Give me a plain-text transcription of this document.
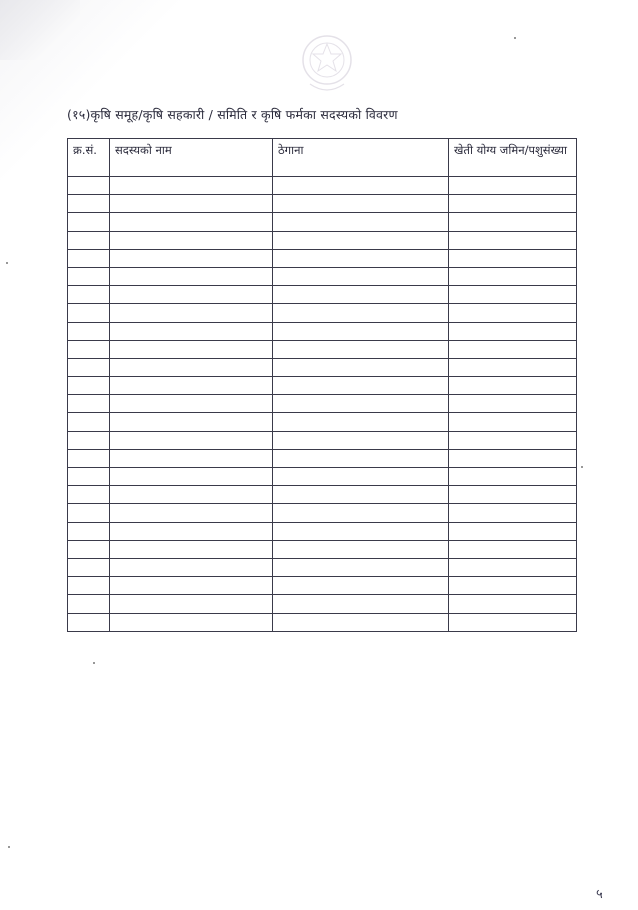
(१५)कृषि समूह/कृषि सहकारी / समिति र कृषि फर्मका सदस्यको विवरण
क्र.सं.	सदस्यको नाम	ठेगाना	खेती योग्य जमिन/पशुसंख्या

५
